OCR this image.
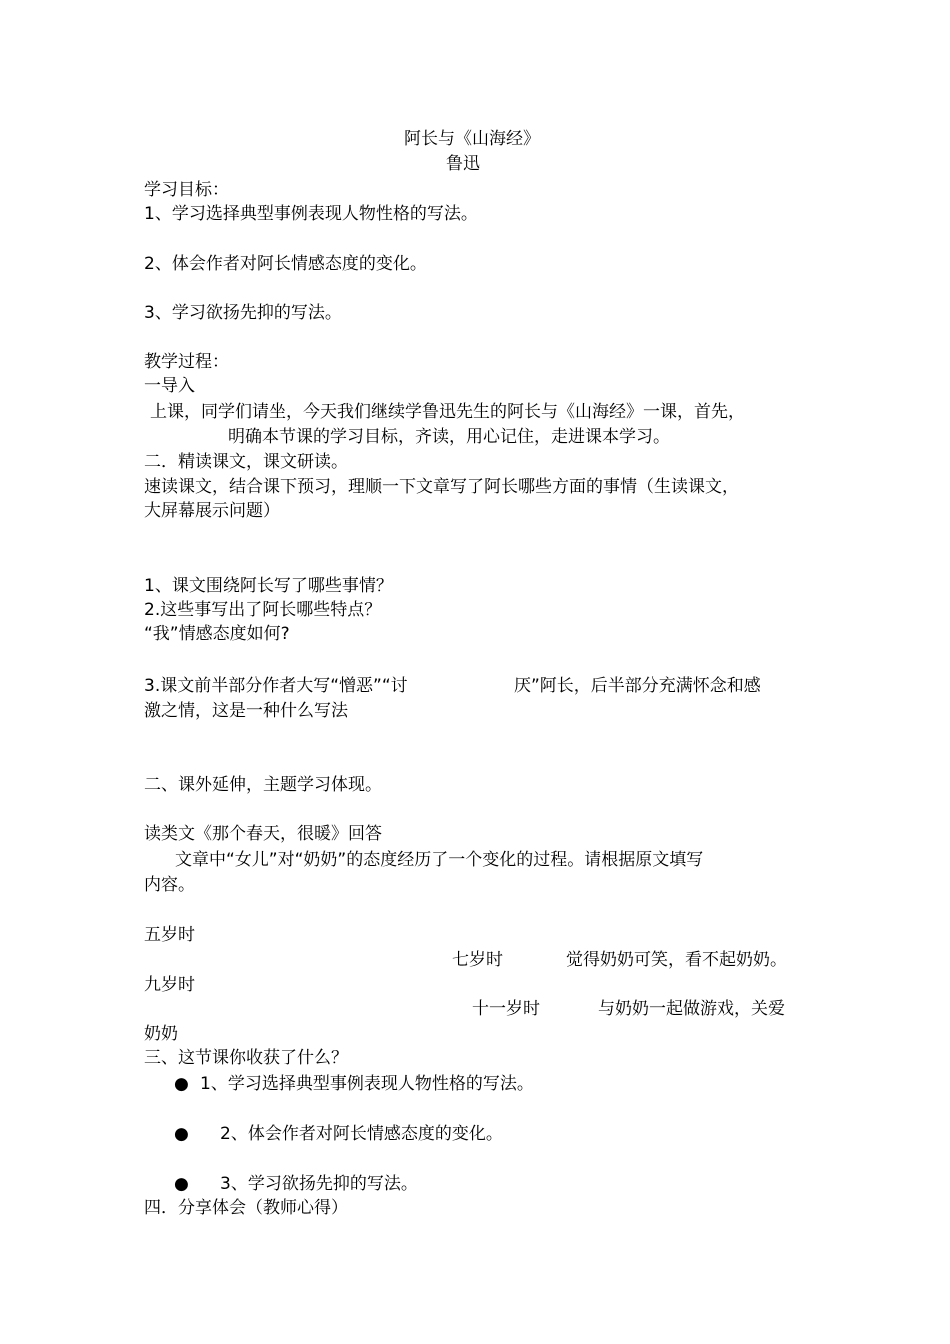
阿长与《山海经》
鲁迅
学习目标：
1、学习选择典型事例表现人物性格的写法。
2、体会作者对阿长情感态度的变化。
3、学习欲扬先抑的写法。
教学过程：
一导入
上课，同学们请坐，今天我们继续学鲁迅先生的阿长与《山海经》一课，首先，
明确本节课的学习目标，齐读，用心记住，走进课本学习。
二．精读课文，课文研读。
速读课文，结合课下预习，理顺一下文章写了阿长哪些方面的事情（生读课文，
大屏幕展示问题）
1、课文围绕阿长写了哪些事情？
2.这些事写出了阿长哪些特点？
“我”情感态度如何?
3.课文前半部分作者大写“憎恶”“讨	厌”阿长，后半部分充满怀念和感
激之情，这是一种什么写法
二、课外延伸，主题学习体现。
读类文《那个春天，很暖》回答
文章中“女儿”对“奶奶”的态度经历了一个变化的过程。请根据原文填写
内容。
五岁时
七岁时	觉得奶奶可笑，看不起奶奶。
九岁时
十一岁时	与奶奶一起做游戏，关爱
奶奶
三、这节课你收获了什么？
● 1、学习选择典型事例表现人物性格的写法。
● 2、体会作者对阿长情感态度的变化。
● 3、学习欲扬先抑的写法。
四．分享体会（教师心得）
